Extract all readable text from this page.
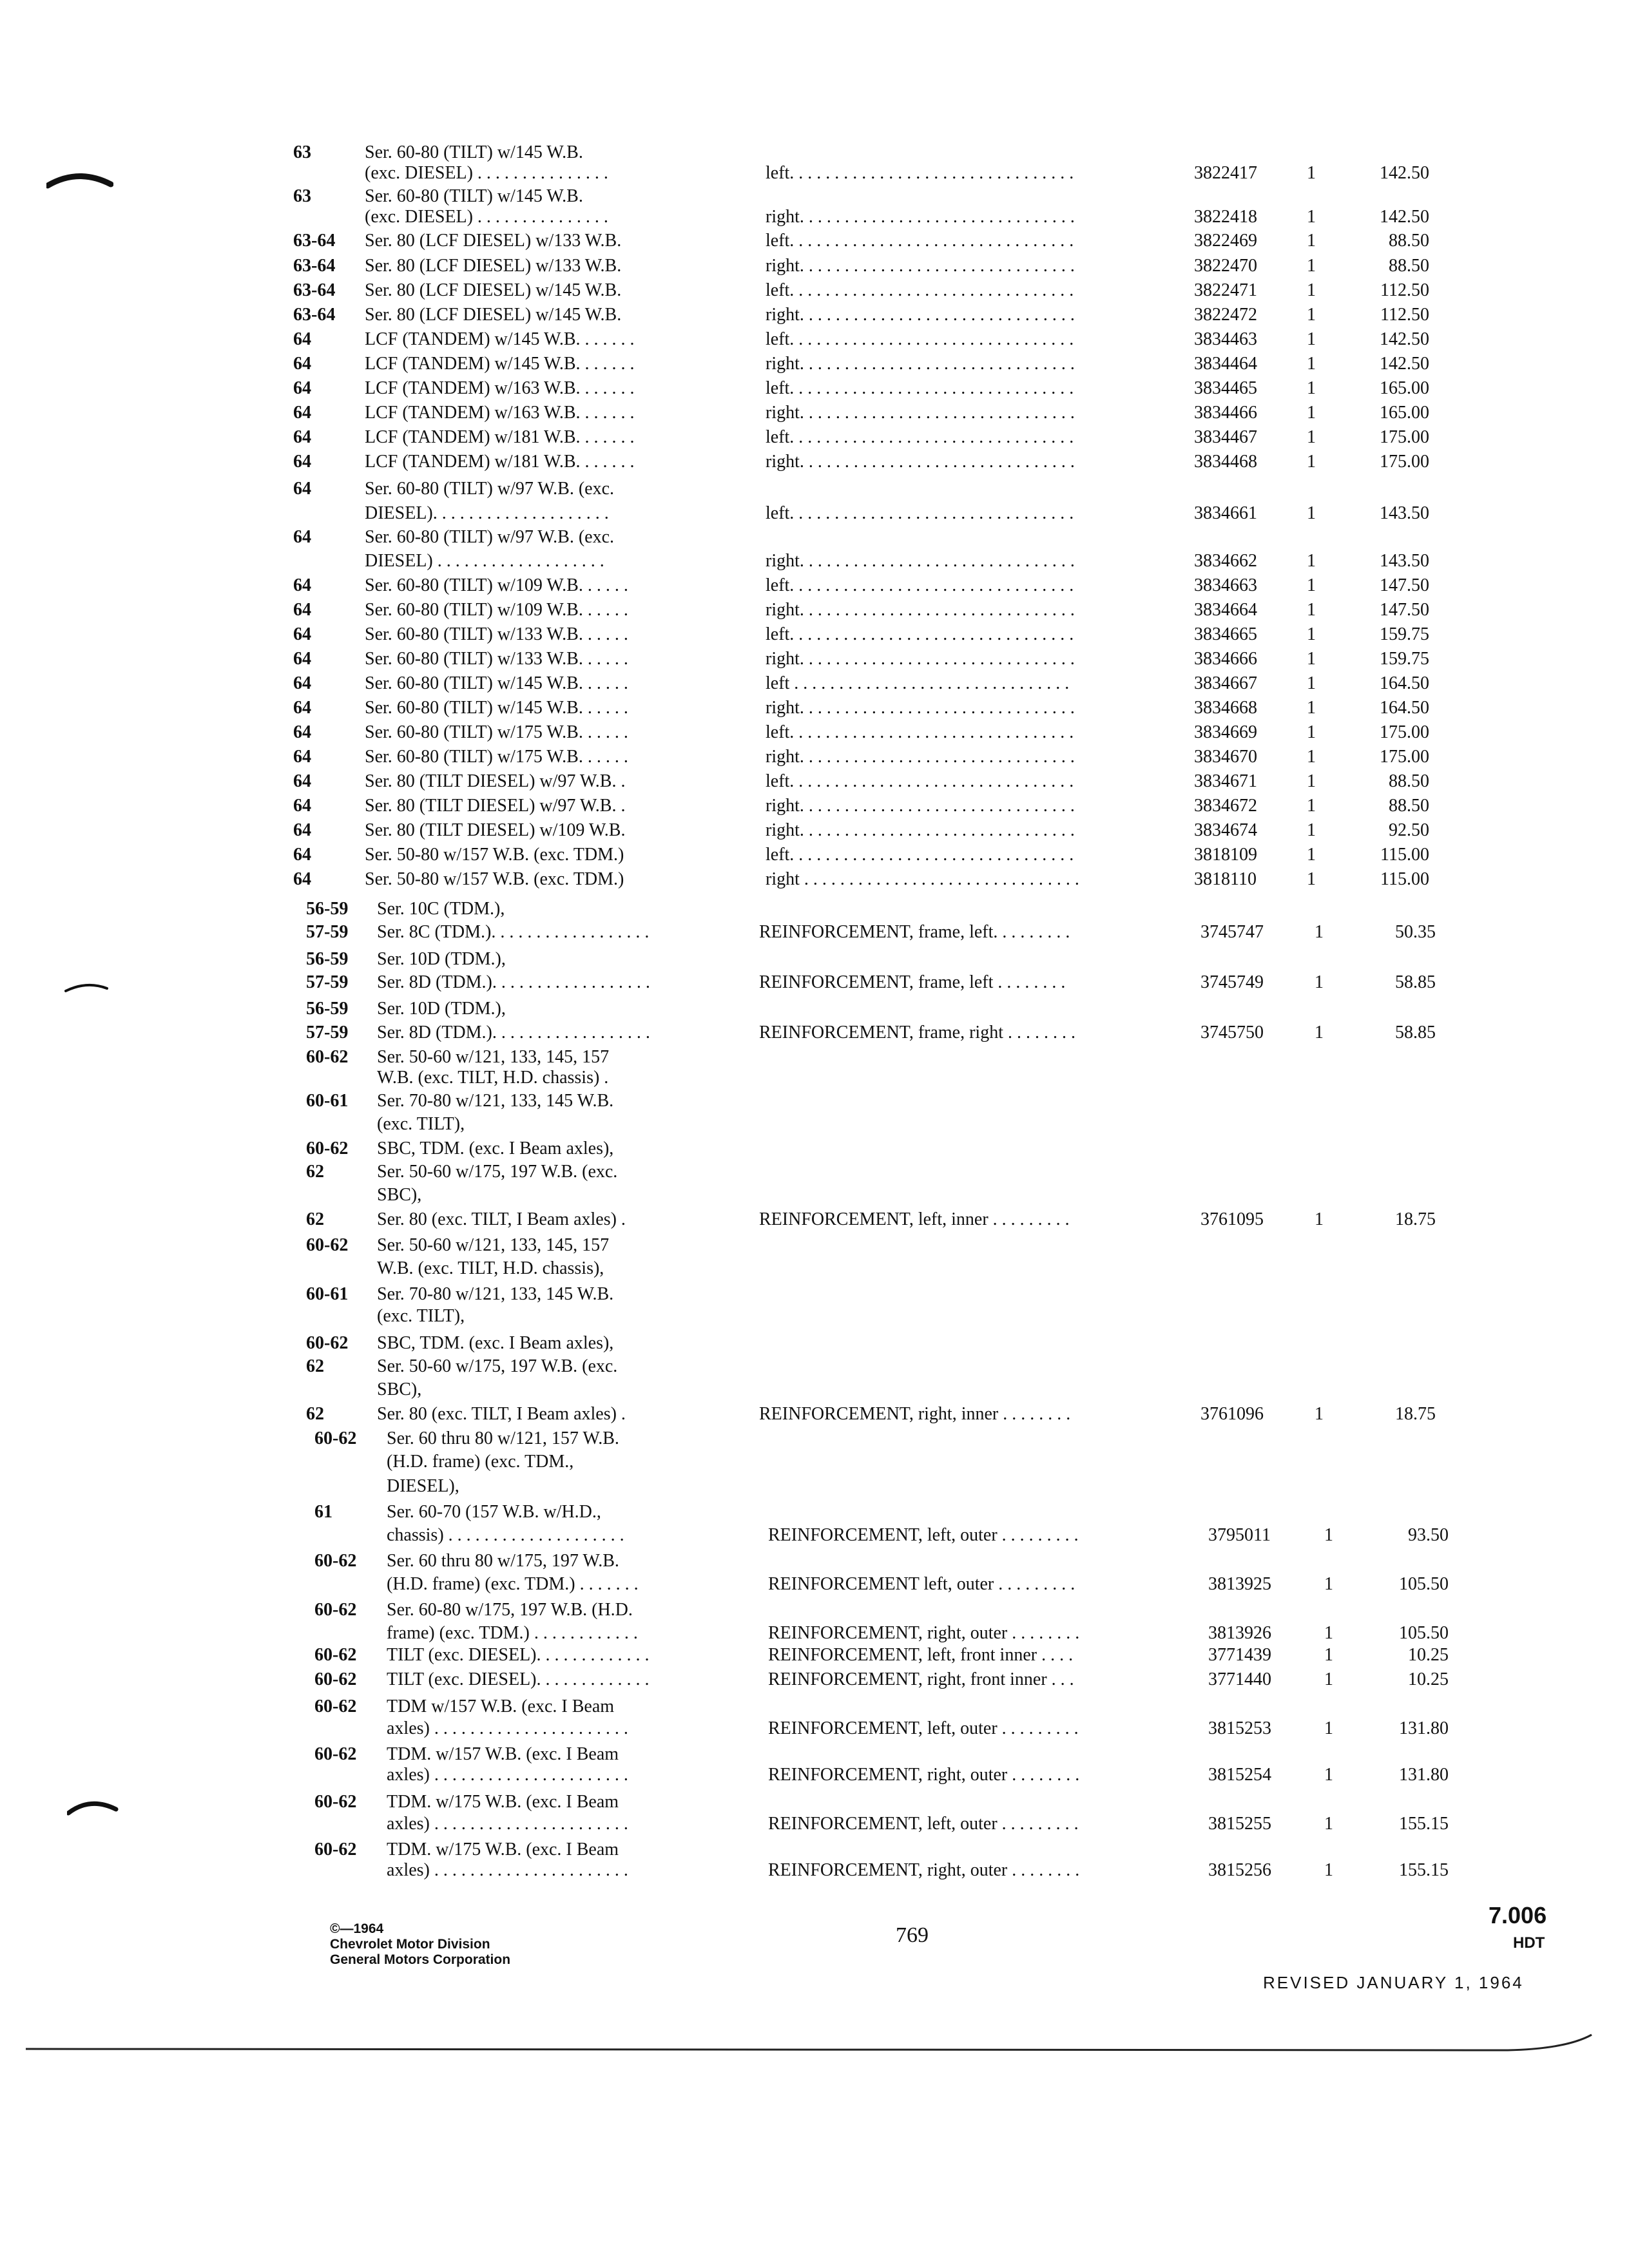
63	Ser. 60-80 (TILT) w/145 W.B.
(exc. DIESEL) . . . . . . . . . . . . . . .	left. . . . . . . . . . . . . . . . . . . . . . . . . . . . . . . .	3822417	1	142.50
63	Ser. 60-80 (TILT) w/145 W.B.
(exc. DIESEL) . . . . . . . . . . . . . . .	right. . . . . . . . . . . . . . . . . . . . . . . . . . . . . . .	3822418	1	142.50
63-64 Ser. 80 (LCF DIESEL) w/133 W.B.	left. . . . . . . . . . . . . . . . . . . . . . . . . . . . . . . .	3822469	1	88.50
63-64 Ser. 80 (LCF DIESEL) w/133 W.B.	right. . . . . . . . . . . . . . . . . . . . . . . . . . . . . . .	3822470	1	88.50
63-64 Ser. 80 (LCF DIESEL) w/145 W.B.	left. . . . . . . . . . . . . . . . . . . . . . . . . . . . . . . .	3822471	1	112.50
63-64 Ser. 80 (LCF DIESEL) w/145 W.B.	right. . . . . . . . . . . . . . . . . . . . . . . . . . . . . . .	3822472	1	112.50
64	LCF (TANDEM) w/145 W.B. . . . . . .	left. . . . . . . . . . . . . . . . . . . . . . . . . . . . . . . .	3834463	1	142.50
64	LCF (TANDEM) w/145 W.B. . . . . . .	right. . . . . . . . . . . . . . . . . . . . . . . . . . . . . . .	3834464	1	142.50
64	LCF (TANDEM) w/163 W.B. . . . . . .	left. . . . . . . . . . . . . . . . . . . . . . . . . . . . . . . .	3834465	1	165.00
64	LCF (TANDEM) w/163 W.B. . . . . . .	right. . . . . . . . . . . . . . . . . . . . . . . . . . . . . . .	3834466	1	165.00
64	LCF (TANDEM) w/181 W.B. . . . . . .	left. . . . . . . . . . . . . . . . . . . . . . . . . . . . . . . .	3834467	1	175.00
64	LCF (TANDEM) w/181 W.B. . . . . . .	right. . . . . . . . . . . . . . . . . . . . . . . . . . . . . . .	3834468	1	175.00
64	Ser. 60-80 (TILT) w/97 W.B. (exc.
DIESEL). . . . . . . . . . . . . . . . . . . .	left. . . . . . . . . . . . . . . . . . . . . . . . . . . . . . . .	3834661	1	143.50
64	Ser. 60-80 (TILT) w/97 W.B. (exc.
DIESEL) . . . . . . . . . . . . . . . . . . .	right. . . . . . . . . . . . . . . . . . . . . . . . . . . . . . .	3834662	1	143.50
64	Ser. 60-80 (TILT) w/109 W.B. . . . . .	left. . . . . . . . . . . . . . . . . . . . . . . . . . . . . . . .	3834663	1	147.50
64	Ser. 60-80 (TILT) w/109 W.B. . . . . .	right. . . . . . . . . . . . . . . . . . . . . . . . . . . . . . .	3834664	1	147.50
64	Ser. 60-80 (TILT) w/133 W.B. . . . . .	left. . . . . . . . . . . . . . . . . . . . . . . . . . . . . . . .	3834665	1	159.75
64	Ser. 60-80 (TILT) w/133 W.B. . . . . .	right. . . . . . . . . . . . . . . . . . . . . . . . . . . . . . .	3834666	1	159.75
64	Ser. 60-80 (TILT) w/145 W.B. . . . . .	left . . . . . . . . . . . . . . . . . . . . . . . . . . . . . . .	3834667	1	164.50
64	Ser. 60-80 (TILT) w/145 W.B. . . . . .	right. . . . . . . . . . . . . . . . . . . . . . . . . . . . . . .	3834668	1	164.50
64	Ser. 60-80 (TILT) w/175 W.B. . . . . .	left. . . . . . . . . . . . . . . . . . . . . . . . . . . . . . . .	3834669	1	175.00
64	Ser. 60-80 (TILT) w/175 W.B. . . . . .	right. . . . . . . . . . . . . . . . . . . . . . . . . . . . . . .	3834670	1	175.00
64	Ser. 80 (TILT DIESEL) w/97 W.B. .	left. . . . . . . . . . . . . . . . . . . . . . . . . . . . . . . .	3834671	1	88.50
64	Ser. 80 (TILT DIESEL) w/97 W.B. .	right. . . . . . . . . . . . . . . . . . . . . . . . . . . . . . .	3834672	1	88.50
64	Ser. 80 (TILT DIESEL) w/109 W.B.	right. . . . . . . . . . . . . . . . . . . . . . . . . . . . . . .	3834674	1	92.50
64	Ser. 50-80 w/157 W.B. (exc. TDM.)	left. . . . . . . . . . . . . . . . . . . . . . . . . . . . . . . .	3818109	1	115.00
64	Ser. 50-80 w/157 W.B. (exc. TDM.)	right . . . . . . . . . . . . . . . . . . . . . . . . . . . . . . .	3818110	1	115.00
56-59 Ser. 10C (TDM.),
57-59 Ser. 8C (TDM.). . . . . . . . . . . . . . . . . .	REINFORCEMENT, frame, left. . . . . . . . .	3745747	1	50.35
56-59 Ser. 10D (TDM.),
57-59 Ser. 8D (TDM.). . . . . . . . . . . . . . . . . .	REINFORCEMENT, frame, left . . . . . . . .	3745749	1	58.85
56-59 Ser. 10D (TDM.),
57-59 Ser. 8D (TDM.). . . . . . . . . . . . . . . . . .	REINFORCEMENT, frame, right . . . . . . . .	3745750	1	58.85
60-62 Ser. 50-60 w/121, 133, 145, 157
W.B. (exc. TILT, H.D. chassis) .
60-61 Ser. 70-80 w/121, 133, 145 W.B.
(exc. TILT),
60-62 SBC, TDM. (exc. I Beam axles),
62	Ser. 50-60 w/175, 197 W.B. (exc.
SBC),
62	Ser. 80 (exc. TILT, I Beam axles) .	REINFORCEMENT, left, inner . . . . . . . . .	3761095	1	18.75
60-62 Ser. 50-60 w/121, 133, 145, 157
W.B. (exc. TILT, H.D. chassis),
60-61 Ser. 70-80 w/121, 133, 145 W.B.
(exc. TILT),
60-62 SBC, TDM. (exc. I Beam axles),
62	Ser. 50-60 w/175, 197 W.B. (exc.
SBC),
62	Ser. 80 (exc. TILT, I Beam axles) .	REINFORCEMENT, right, inner . . . . . . . .	3761096	1	18.75
60-62 Ser. 60 thru 80 w/121, 157 W.B.
(H.D. frame) (exc. TDM.,
DIESEL),
61	Ser. 60-70 (157 W.B. w/H.D.,
chassis) . . . . . . . . . . . . . . . . . . . .	REINFORCEMENT, left, outer . . . . . . . . .	3795011	1	93.50
60-62 Ser. 60 thru 80 w/175, 197 W.B.
(H.D. frame) (exc. TDM.) . . . . . . .	REINFORCEMENT left, outer . . . . . . . . .	3813925	1	105.50
60-62 Ser. 60-80 w/175, 197 W.B. (H.D.
frame) (exc. TDM.) . . . . . . . . . . . .	REINFORCEMENT, right, outer . . . . . . . .	3813926	1	105.50
60-62 TILT (exc. DIESEL). . . . . . . . . . . . .	REINFORCEMENT, left, front inner . . . .	3771439	1	10.25
60-62 TILT (exc. DIESEL). . . . . . . . . . . . .	REINFORCEMENT, right, front inner . . .	3771440	1	10.25
60-62 TDM w/157 W.B. (exc. I Beam
axles) . . . . . . . . . . . . . . . . . . . . . .	REINFORCEMENT, left, outer . . . . . . . . .	3815253	1	131.80
60-62 TDM. w/157 W.B. (exc. I Beam
axles) . . . . . . . . . . . . . . . . . . . . . .	REINFORCEMENT, right, outer . . . . . . . .	3815254	1	131.80
60-62 TDM. w/175 W.B. (exc. I Beam
axles) . . . . . . . . . . . . . . . . . . . . . .	REINFORCEMENT, left, outer . . . . . . . . .	3815255	1	155.15
60-62 TDM. w/175 W.B. (exc. I Beam
axles) . . . . . . . . . . . . . . . . . . . . . .	REINFORCEMENT, right, outer . . . . . . . .	3815256	1	155.15
©—1964
Chevrolet Motor Division
General Motors Corporation
769
7.006
HDT
REVISED JANUARY 1, 1964
